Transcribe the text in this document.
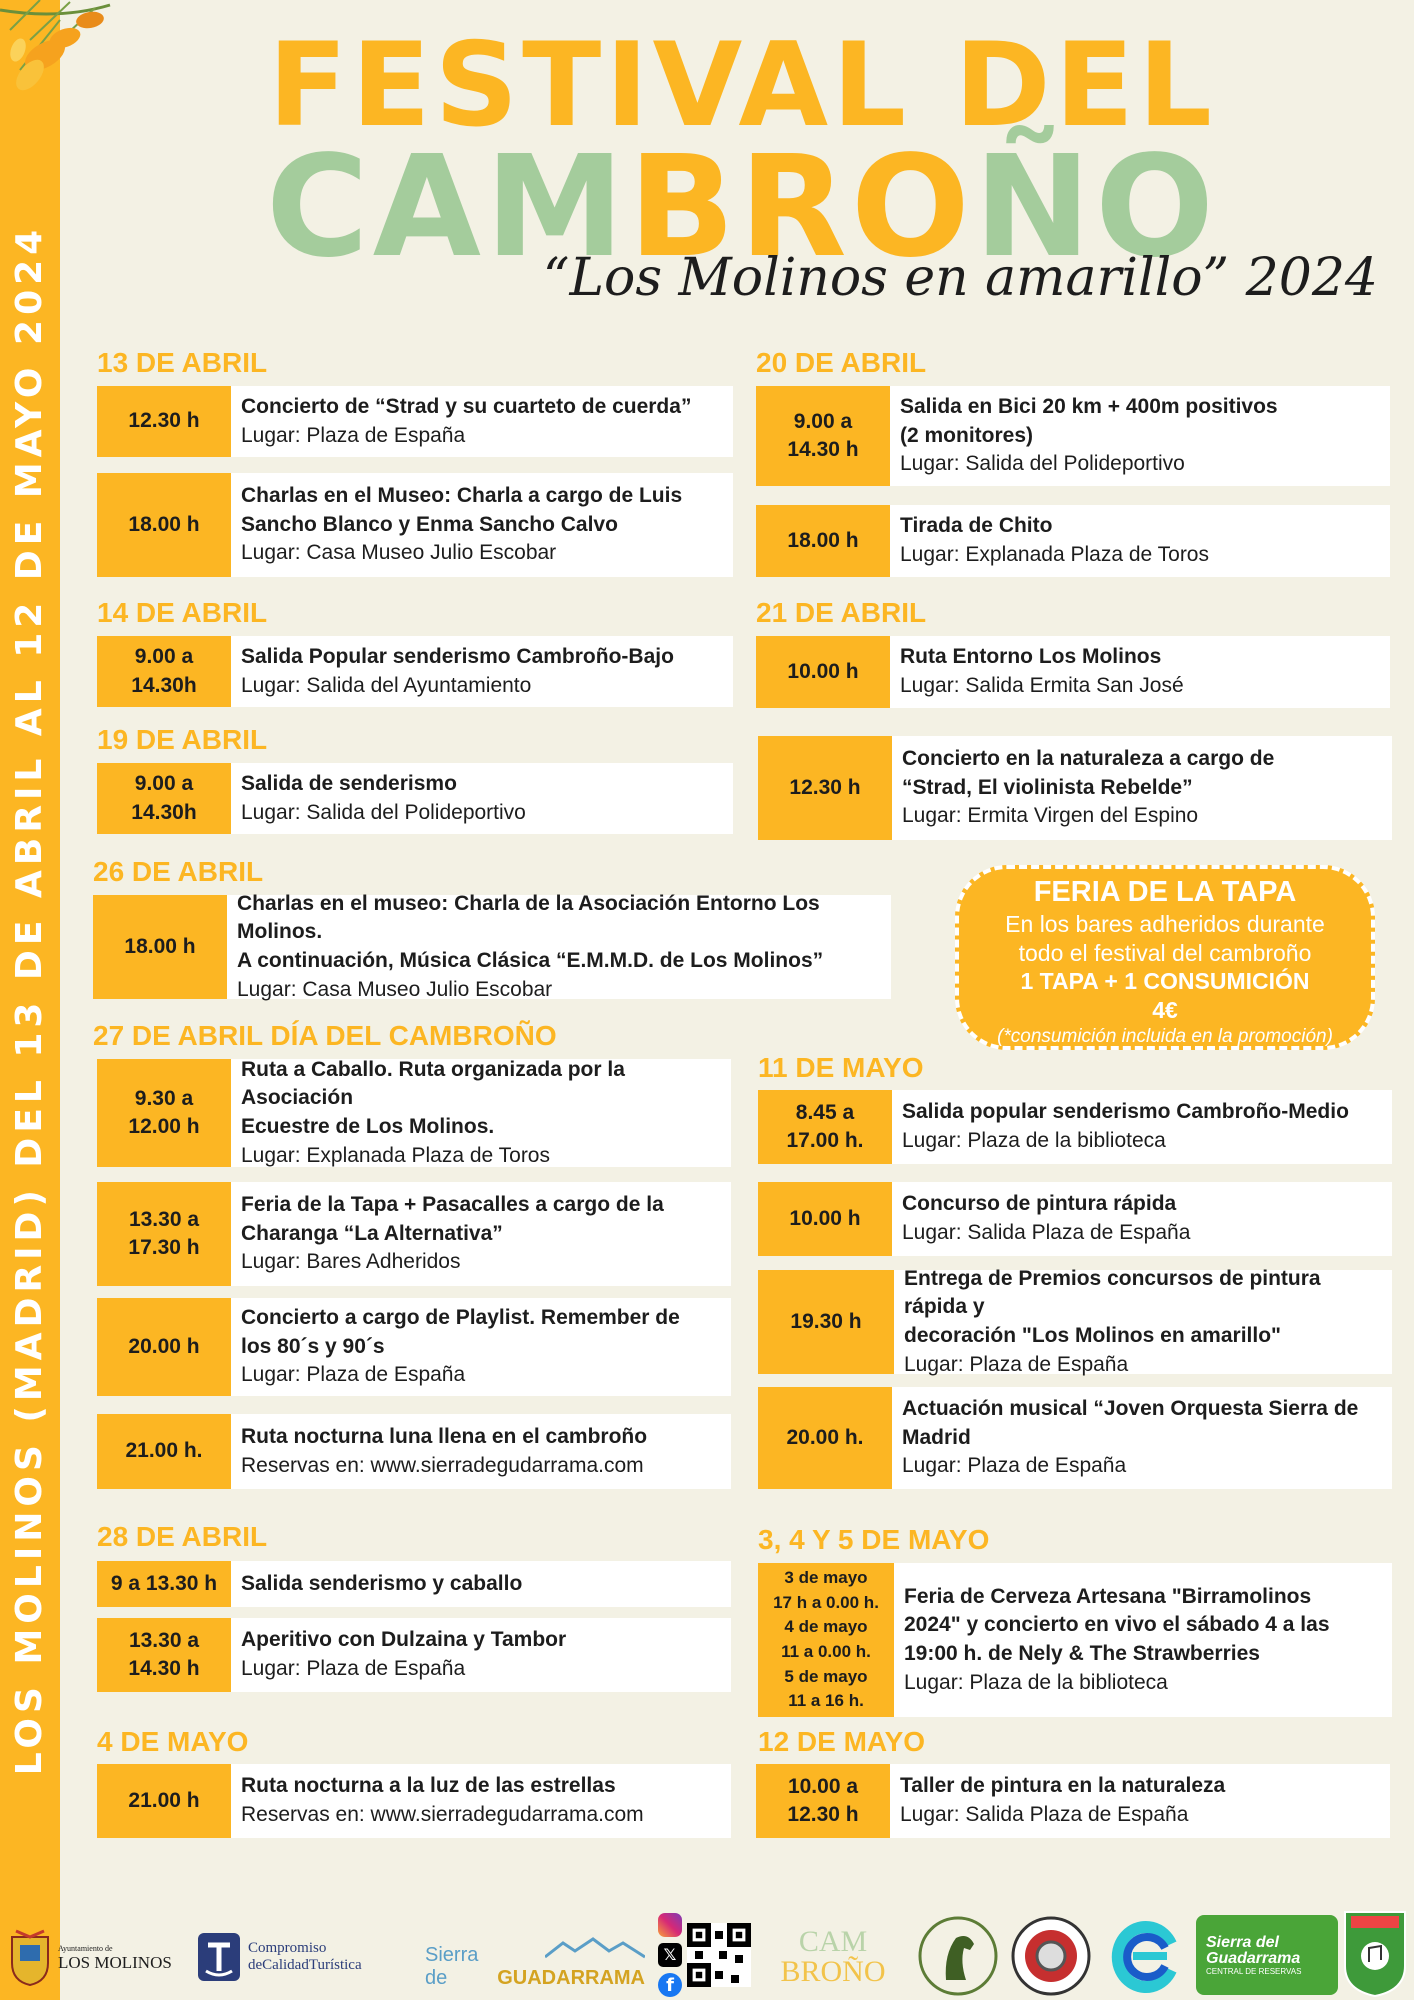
LOS MOLINOS (MADRID) DEL 13 DE ABRIL AL 12 DE MAYO 2024
FESTIVAL DEL
CAMBROÑO
“Los Molinos en amarillo” 2024
13 DE ABRIL
12.30 h
Concierto de “Strad y su cuarteto de cuerda”
Lugar: Plaza de España
18.00 h
Charlas en el Museo: Charla a cargo de Luis
Sancho Blanco y Enma Sancho Calvo
Lugar: Casa Museo Julio Escobar
14 DE ABRIL
9.00 a
14.30h
Salida Popular senderismo Cambroño-Bajo
Lugar: Salida del Ayuntamiento
19 DE ABRIL
9.00 a
14.30h
Salida de senderismo
Lugar: Salida del Polideportivo
26 DE ABRIL
18.00 h
Charlas en el museo: Charla de la Asociación Entorno Los Molinos.
A continuación, Música Clásica “E.M.M.D. de Los Molinos”
Lugar: Casa Museo Julio Escobar
27 DE ABRIL DÍA DEL CAMBROÑO
9.30 a
12.00 h
Ruta a Caballo. Ruta organizada por la Asociación
Ecuestre de Los Molinos.
Lugar: Explanada Plaza de Toros
13.30 a
17.30 h
Feria de la Tapa + Pasacalles a cargo de la
Charanga “La Alternativa”
Lugar: Bares Adheridos
20.00 h
Concierto a cargo de Playlist. Remember de
los 80´s y 90´s
Lugar: Plaza de España
21.00 h.
Ruta nocturna luna llena en el cambroño
Reservas en: www.sierradegudarrama.com
28 DE ABRIL
9 a 13.30 h Salida senderismo y caballo
13.30 a
14.30 h
Aperitivo con Dulzaina y Tambor
Lugar: Plaza de España
4 DE MAYO
21.00 h
Ruta nocturna a la luz de las estrellas
Reservas en: www.sierradegudarrama.com
20 DE ABRIL
9.00 a
14.30 h
Salida en Bici 20 km + 400m positivos
(2 monitores)
Lugar: Salida del Polideportivo
18.00 h
Tirada de Chito
Lugar: Explanada Plaza de Toros
21 DE ABRIL
10.00 h
Ruta Entorno Los Molinos
Lugar: Salida Ermita San José
12.30 h
Concierto en la naturaleza a cargo de
“Strad, El violinista Rebelde”
Lugar: Ermita Virgen del Espino
FERIA DE LA TAPA
En los bares adheridos durante
todo el festival del cambroño
1 TAPA + 1 CONSUMICIÓN
4€
(*consumición incluida en la promoción)
11 DE MAYO
8.45 a
17.00 h.
Salida popular senderismo Cambroño-Medio
Lugar: Plaza de la biblioteca
10.00 h
Concurso de pintura rápida
Lugar: Salida Plaza de España
19.30 h
Entrega de Premios concursos de pintura rápida y
decoración "Los Molinos en amarillo"
Lugar: Plaza de España
20.00 h.
Actuación musical “Joven Orquesta Sierra de
Madrid
Lugar: Plaza de España
3, 4 Y 5 DE MAYO
3 de mayo
17 h a 0.00 h.
4 de mayo
11 a 0.00 h.
5 de mayo
11 a 16 h.
Feria de Cerveza Artesana "Birramolinos
2024" y concierto en vivo el sábado 4 a las
19:00 h. de Nely & The Strawberries
Lugar: Plaza de la biblioteca
12 DE MAYO
10.00 a
12.30 h
Taller de pintura en la naturaleza
Lugar: Salida Plaza de España
Ayuntamiento de
LOS MOLINOS
Compromiso
deCalidadTurística	Sierra de	GUADARRAMA
𝕏
f
CAM
BROÑO
Sierra del
Guadarrama
CENTRAL DE RESERVAS
